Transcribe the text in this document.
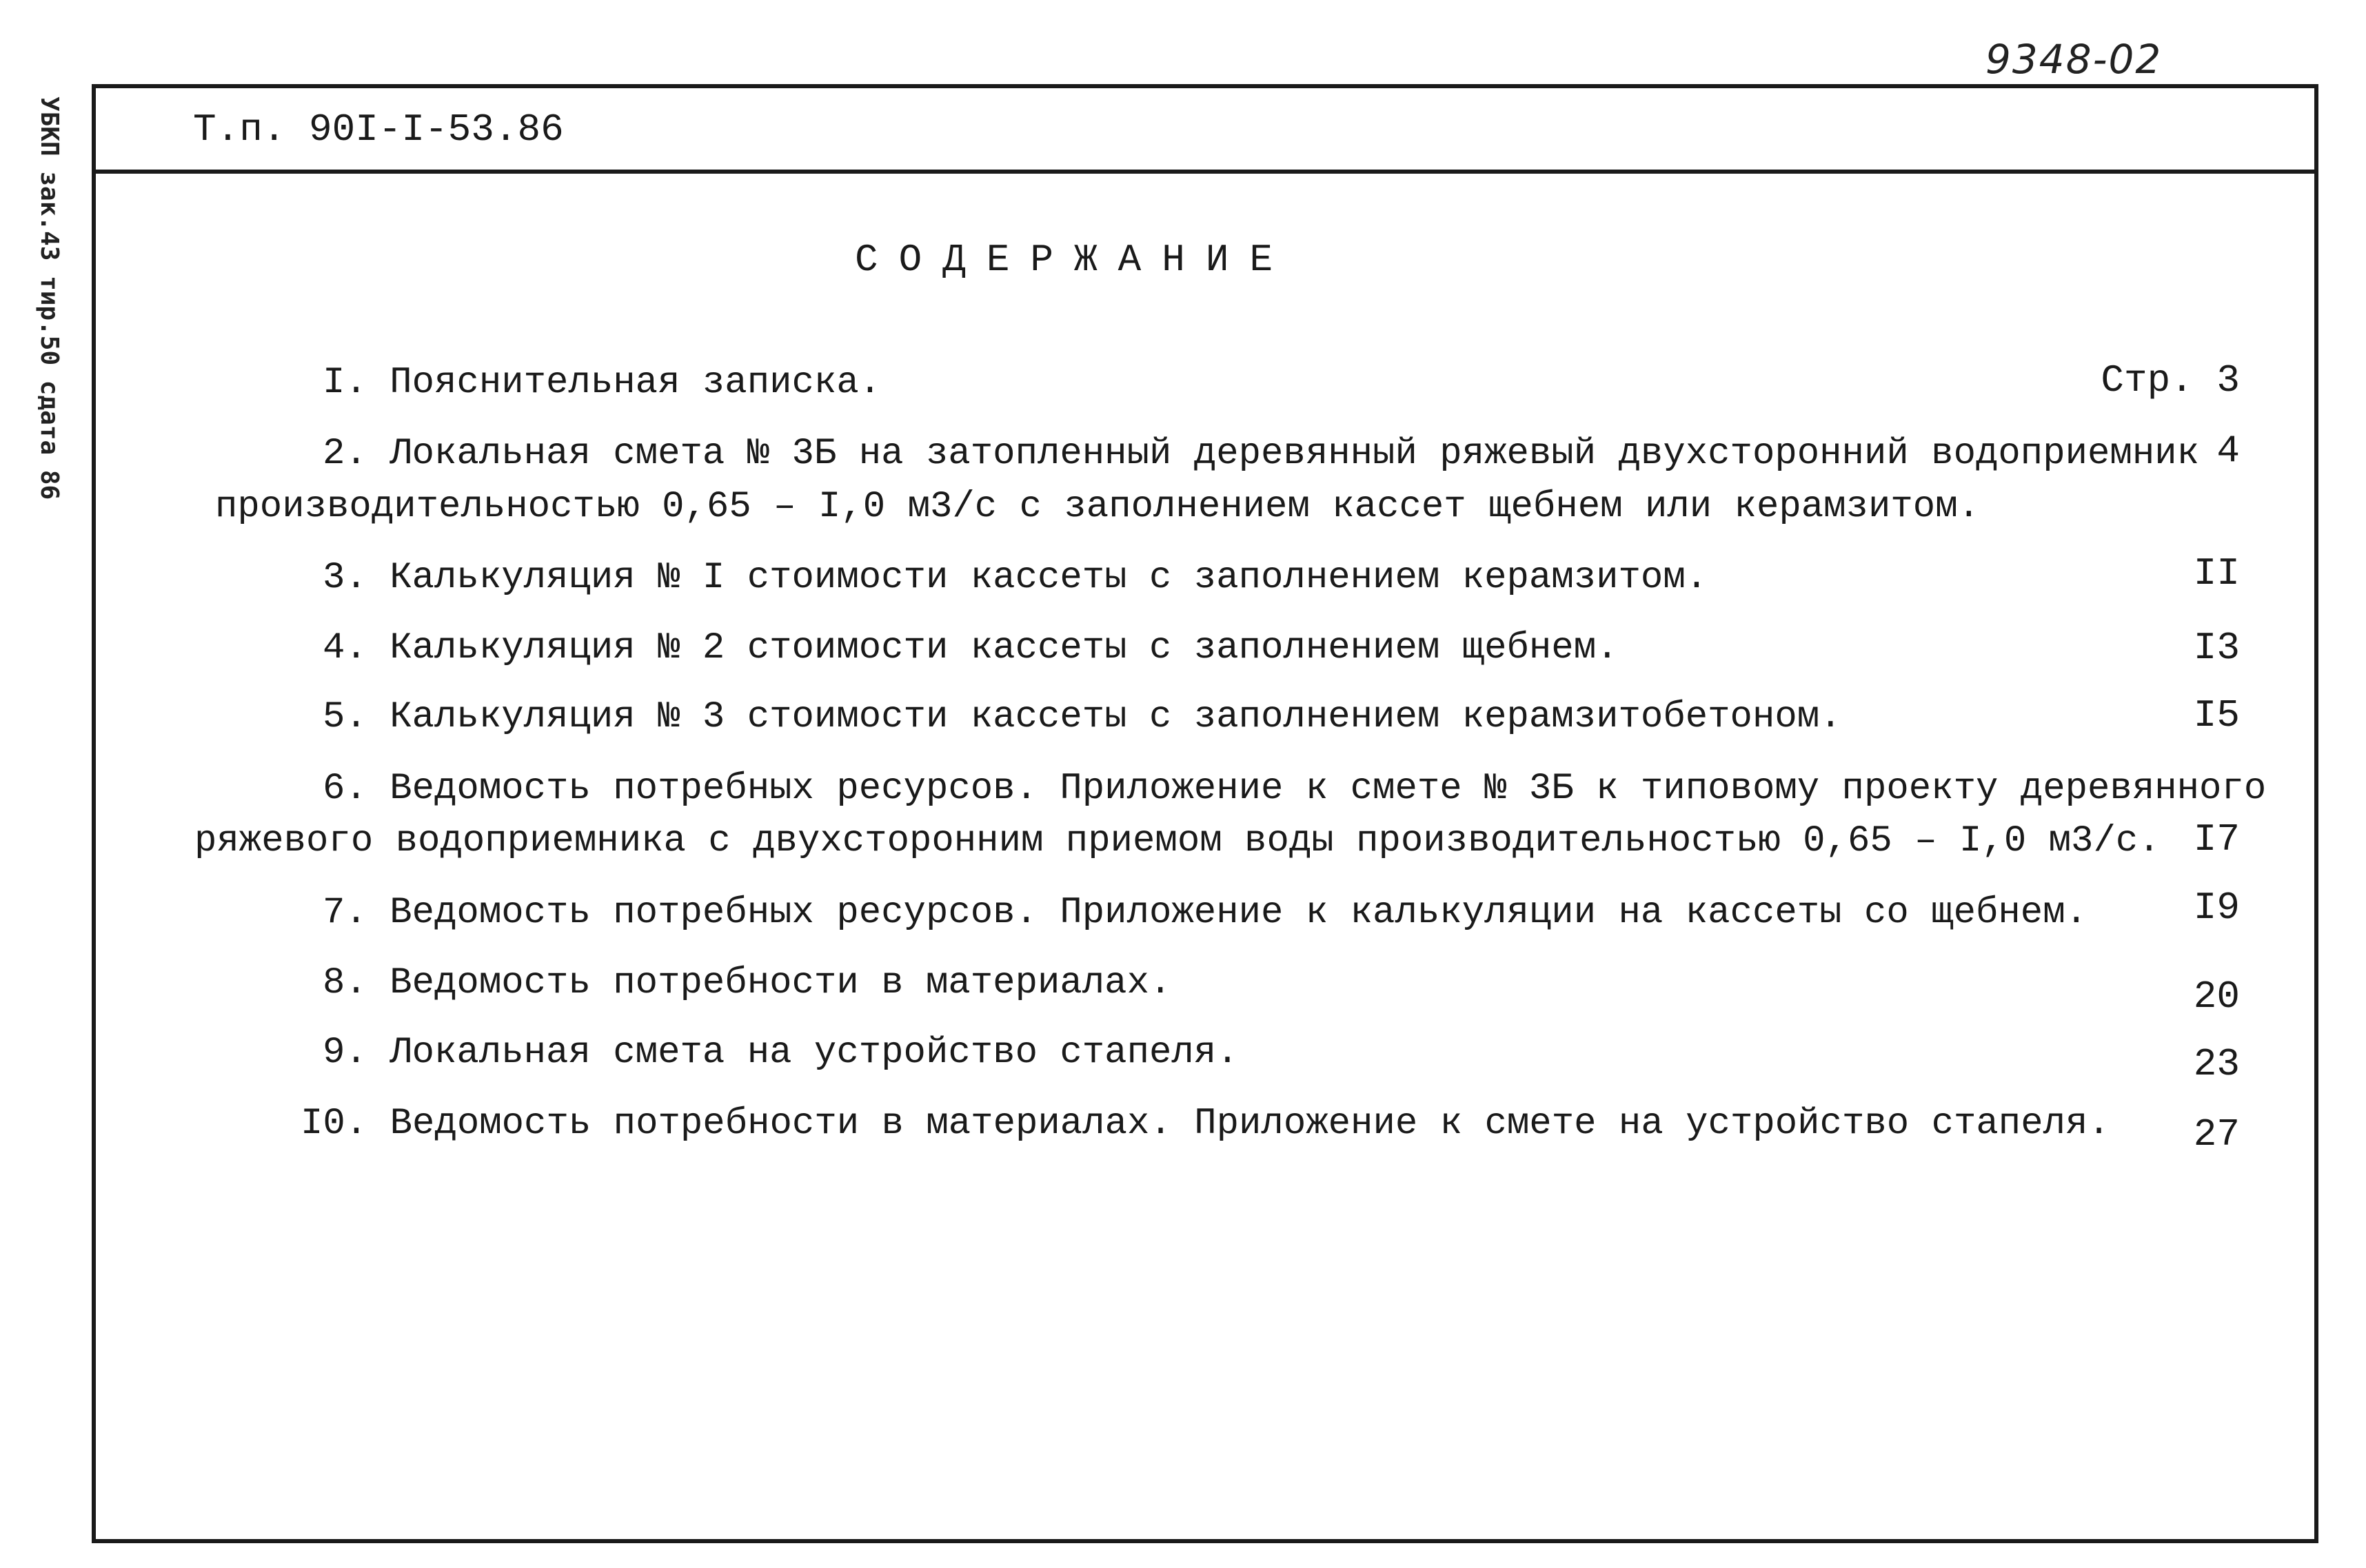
9348-02
УБКП зак.43 тир.50 сдата 86	Т.п. 90I-I-53.86
СОДЕРЖАНИЕ
I. Пояснительная записка.	Стр. 3
2. Локальная смета № 3Б на затопленный деревянный ряжевый двухсторонний водоприемник
производительностью 0,65 – I,0 м3/с с заполнением кассет щебнем или керамзитом.
4
3. Калькуляция № I стоимости кассеты с заполнением керамзитом.	II
4. Калькуляция № 2 стоимости кассеты с заполнением щебнем.	I3
5. Калькуляция № 3 стоимости кассеты с заполнением керамзитобетоном.	I5
6. Ведомость потребных ресурсов. Приложение к смете № 3Б к типовому проекту деревянного
ряжевого водоприемника с двухсторонним приемом воды производительностью 0,65 – I,0 м3/с. I7
7. Ведомость потребных ресурсов. Приложение к калькуляции на кассеты со щебнем.	I9
8. Ведомость потребности в материалах.	20
9. Локальная смета на устройство стапеля.	23
I0. Ведомость потребности в материалах. Приложение к смете на устройство стапеля. 27
